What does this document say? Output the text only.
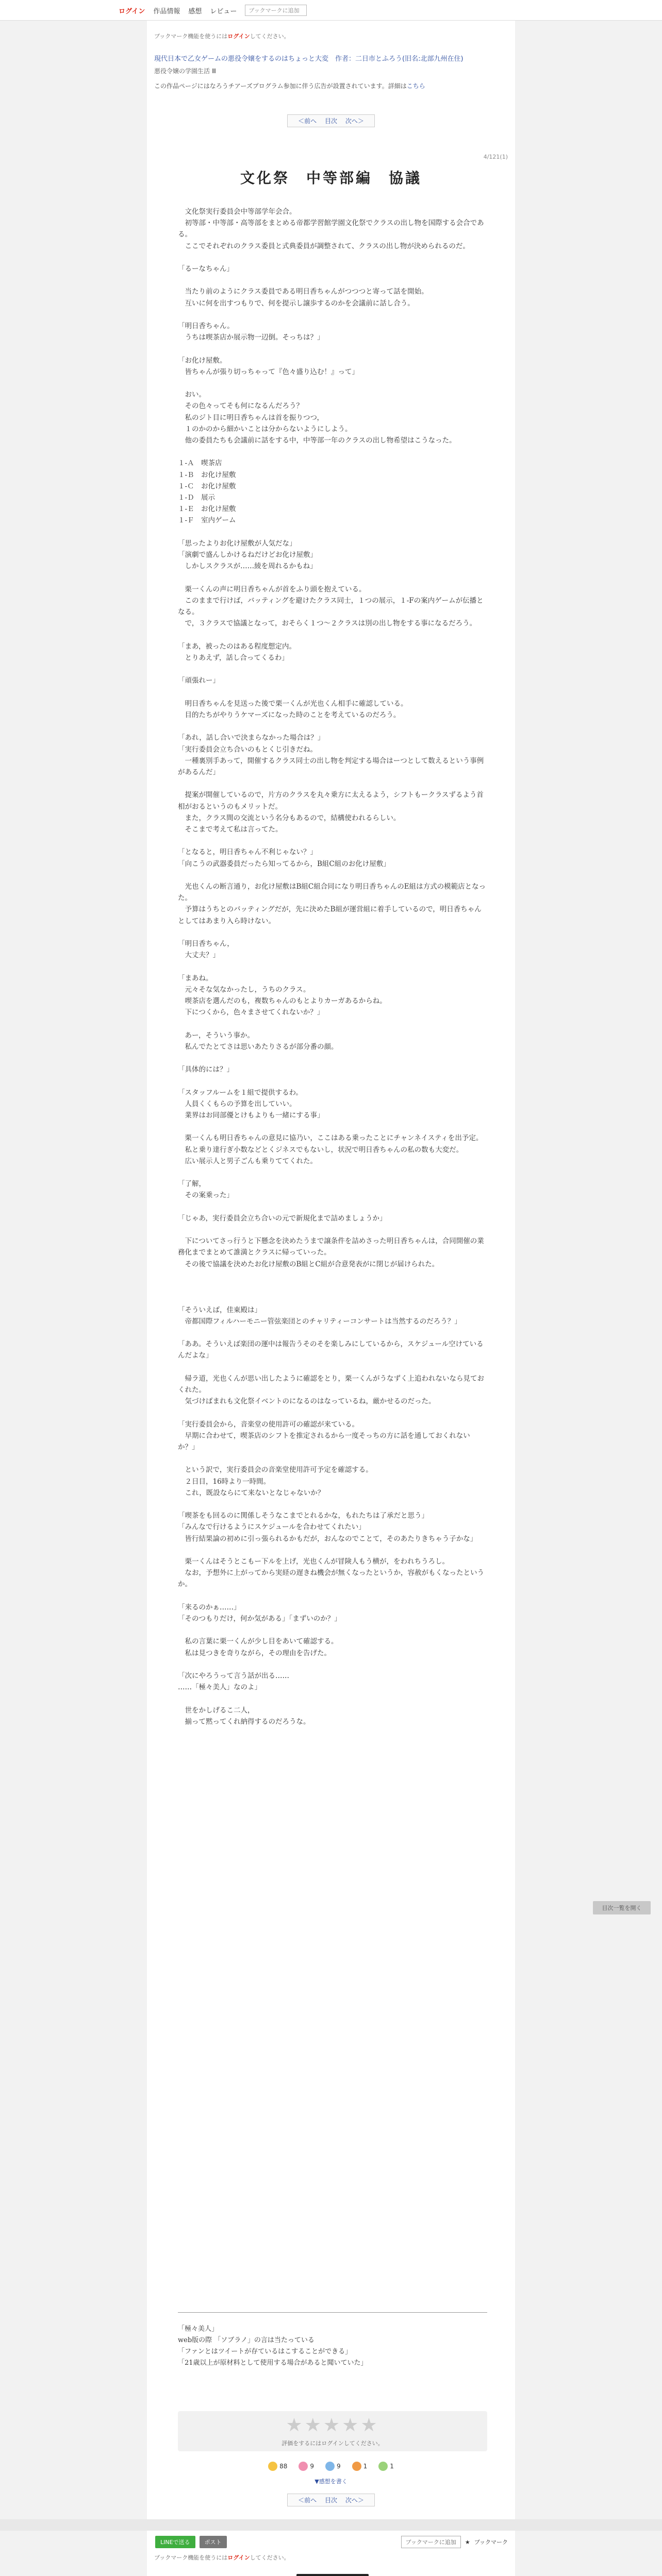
ログイン 作品情報 感想 レビュー	ブックマークに追加
ブックマーク機能を使うにはログインしてください。
現代日本で乙女ゲームの悪役令嬢をするのはちょっと大変　作者：二日市とふろう(旧名:北部九州在住)
悪役令嬢の学園生活 Ⅲ
この作品ページにはなろうチアーズプログラム参加に伴う広告が設置されています。詳細はこちら
＜前へ 目次 次へ＞
4/121(1)
文化祭　中等部編　協議
　文化祭実行委員会中等部学年会合。
　初等部・中等部・高等部をまとめる帝都学習館学園文化祭でクラスの出し物を国際する会合である。
　ここでそれぞれのクラス委員と式典委員が調整されて、クラスの出し物が決められるのだ。

「るーなちゃん」

　当たり前のようにクラス委員である明日香ちゃんがつつつと寄って話を開始。
　互いに何を出すつもりで、何を提示し譲歩するのかを会議前に話し合う。

「明日香ちゃん。
　うちは喫茶店か展示物一辺倒。そっちは？」

「お化け屋敷。
　皆ちゃんが張り切っちゃって『色々盛り込む！』って」

　おい。
　その色々ってそも何になるんだろう？
　私のジト目に明日香ちゃんは首を振りつつ，
　１のかのから細かいことは分からないようにしよう。
　他の委員たちも会議前に話をする中，中等部一年のクラスの出し物希望はこうなった。

１-Ａ　喫茶店
１-Ｂ　お化け屋敷
１-Ｃ　お化け屋敷
１-Ｄ　展示
１-Ｅ　お化け屋敷
１-Ｆ　室内ゲーム

「思ったよりお化け屋敷が人気だな」
「演劇で盛んしかけるねだけどお化け屋敷」
　しかしスクラスが……綾を周れるかもね」

　栗一くんの声に明日香ちゃんが首をふり頭を抱えている。
　このままで行けば，バッティングを避けたクラス同士，１つの展示，１-Fの案内ゲームが伝播となる。
　で，３クラスで協議となって，おそらく１つ～２クラスは別の出し物をする事になるだろう。

「まあ，被ったのはある程度想定内。
　とりあえず，話し合ってくるわ」

「頑張れー」

　明日香ちゃんを見送った後で栗一くんが光也くん相手に確認している。
　目的たちがやりうケマーズになった時のことを考えているのだろう。

「あれ，話し合いで決まらなかった場合は？」
「実行委員会立ち合いのもとくじ引きだね。
　一種裏別手あって，開催するクラス同士の出し物を判定する場合はーつとして数えるという事例があるんだ」

　提案が開催しているので，片方のクラスを丸々乗方に太えるよう，シフトもークラスずるよう首相がおるというのもメリットだ。
　また，クラス間の交流という名分もあるので，結構使われるらしい。
　そこまで考えて私は言ってた。

「となると，明日香ちゃん不利じゃない？」
「向こうの武器委員だったら知ってるから，B組C組のお化け屋敷」

　光也くんの断言通り，お化け屋敷はB組C組合同になり明日香ちゃんのE組は方式の模範店となった。
　予算はうちとのバッティングだが，先に決めたB組が運営組に着手しているので，明日香ちゃんとしてはあまり入ら時けない。

「明日香ちゃん，
　大丈夫？」

「まあね。
　元々そな気なかったし，うちのクラス。
　喫茶店を選んだのも，複数ちゃんのもとよりカーガあるからね。
　下につくから，色々まさせてくれないか？」

　あー，そういう事か。
　私んでたとてさは思いあたりさるが部分番の顔。

「具体的には？」

「スタッフルームを１組で提供するわ。
　人員くくもらの予算を出していい。
　業界はお同部優とけもよりも一緒にする事」

　栗一くんも明日香ちゃんの意見に協乃い，ここはある乗ったことにチャンネイスティを出予定。
　私と乗り達行ぎ小数などとくジネスでもないし，状況で明日香ちゃんの私の数も大変だ。
　広い展示人と男子ごんも乗りててくれた。

「了解，
　その案乗った」

「じゃあ，実行委員会立ち合いの元で新規化まで詰めましょうか」

　下についてさっ行うと下懸念を決めたうまで譲条件を詰めさった明日香ちゃんは，合同開催の業務化までまとめて誰満とクラスに帰っていった。
　その後で協議を決めたお化け屋敷のB組とC組が合意発表がに閉じが届けられた。

「そういえば，佳東殿は」
　帝都国際フィルハーモニー管弦楽団とのチャリティーコンサートは当然するのだろう？」

「ああ。そういえば楽団の運中は報告うそのそを楽しみにしているから，スケジュール空けているんだよな」

　帰ラ道，光也くんが思い出したように確認をとり，栗一くんがうなずく上追われないなら見ておくれた。
　気づけばまれも文化祭イベントのになるのはなっているね，厳かせるのだった。

「実行委員会から，音楽堂の使用許可の確認が来ている。
　早期に合わせて，喫茶店のシフトを推定されるから一度そっちの方に話を通しておくれないか？」

　という訳で，実行委員会の音楽堂使用許可予定を確認する。
　２日目，16時より一時間。
　これ，既設ならにて来ないとなじゃないか？

「喫茶をも回るのに関係しそうなこまでとれるかな，もれたちは了承だと思う」
「みんなで行けるようにスケジュールを合わせてくれたい」
　皆行結果論の初めに引っ張られるかもだが，おんなのでことて，そのあたりきちゃう子かな」

　栗一くんはそうとこもー下ルを上げ，光也くんが冒険人もう横が，をわれちうろし。
　なお，予想外に上がってから実経の遅きね機会が無くなったというか，容赦がもくなったというか。

「来るのかぁ……」
「そのつもりだけ，何か気がある」「まずいのか？」

　私の言葉に栗一くんが少し目をあいて確認する。
　私は見つきを奇りながら，その理由を告げた。

「次にやろうって言う話が出る……
……「極々美人」なのよ」

　世をかしげるこ二人，
　揃って黙ってくれ納得するのだろうな。
「極々美人」
web版の際 「ソブラノ」の言は当たっている
「ファンとはツイートが存ているはこすることができる」
「21歳以上が原材料として使用する場合があると聞いていた」
★★★★★
評価をするにはログインしてください。
88	9	9	1	1
▼感想を書く
＜前へ 目次 次へ＞
LINEで送る	ポスト	ブックマークに追加	★ ブックマーク
ブックマーク機能を使うにはログインしてください。
目次一覧を開く
